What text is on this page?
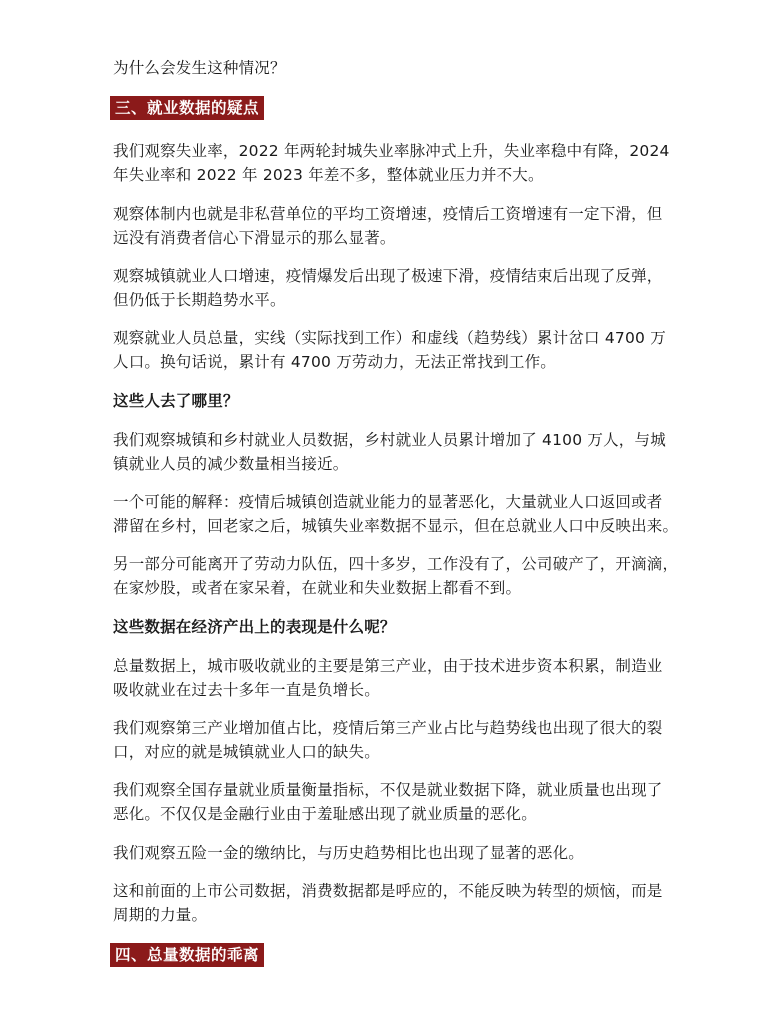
为什么会发生这种情况？
三、就业数据的疑点
我们观察失业率，2022 年两轮封城失业率脉冲式上升，失业率稳中有降，2024
年失业率和 2022 年 2023 年差不多，整体就业压力并不大。
观察体制内也就是非私营单位的平均工资增速，疫情后工资增速有一定下滑，但
远没有消费者信心下滑显示的那么显著。
观察城镇就业人口增速，疫情爆发后出现了极速下滑，疫情结束后出现了反弹，
但仍低于长期趋势水平。
观察就业人员总量，实线（实际找到工作）和虚线（趋势线）累计岔口 4700 万
人口。换句话说，累计有 4700 万劳动力，无法正常找到工作。
这些人去了哪里？
我们观察城镇和乡村就业人员数据，乡村就业人员累计增加了 4100 万人，与城
镇就业人员的减少数量相当接近。
一个可能的解释：疫情后城镇创造就业能力的显著恶化，大量就业人口返回或者
滞留在乡村，回老家之后，城镇失业率数据不显示，但在总就业人口中反映出来。
另一部分可能离开了劳动力队伍，四十多岁，工作没有了，公司破产了，开滴滴，
在家炒股，或者在家呆着，在就业和失业数据上都看不到。
这些数据在经济产出上的表现是什么呢？
总量数据上，城市吸收就业的主要是第三产业，由于技术进步资本积累，制造业
吸收就业在过去十多年一直是负增长。
我们观察第三产业增加值占比，疫情后第三产业占比与趋势线也出现了很大的裂
口，对应的就是城镇就业人口的缺失。
我们观察全国存量就业质量衡量指标，不仅是就业数据下降，就业质量也出现了
恶化。不仅仅是金融行业由于羞耻感出现了就业质量的恶化。
我们观察五险一金的缴纳比，与历史趋势相比也出现了显著的恶化。
这和前面的上市公司数据，消费数据都是呼应的，不能反映为转型的烦恼，而是
周期的力量。
四、总量数据的乖离
